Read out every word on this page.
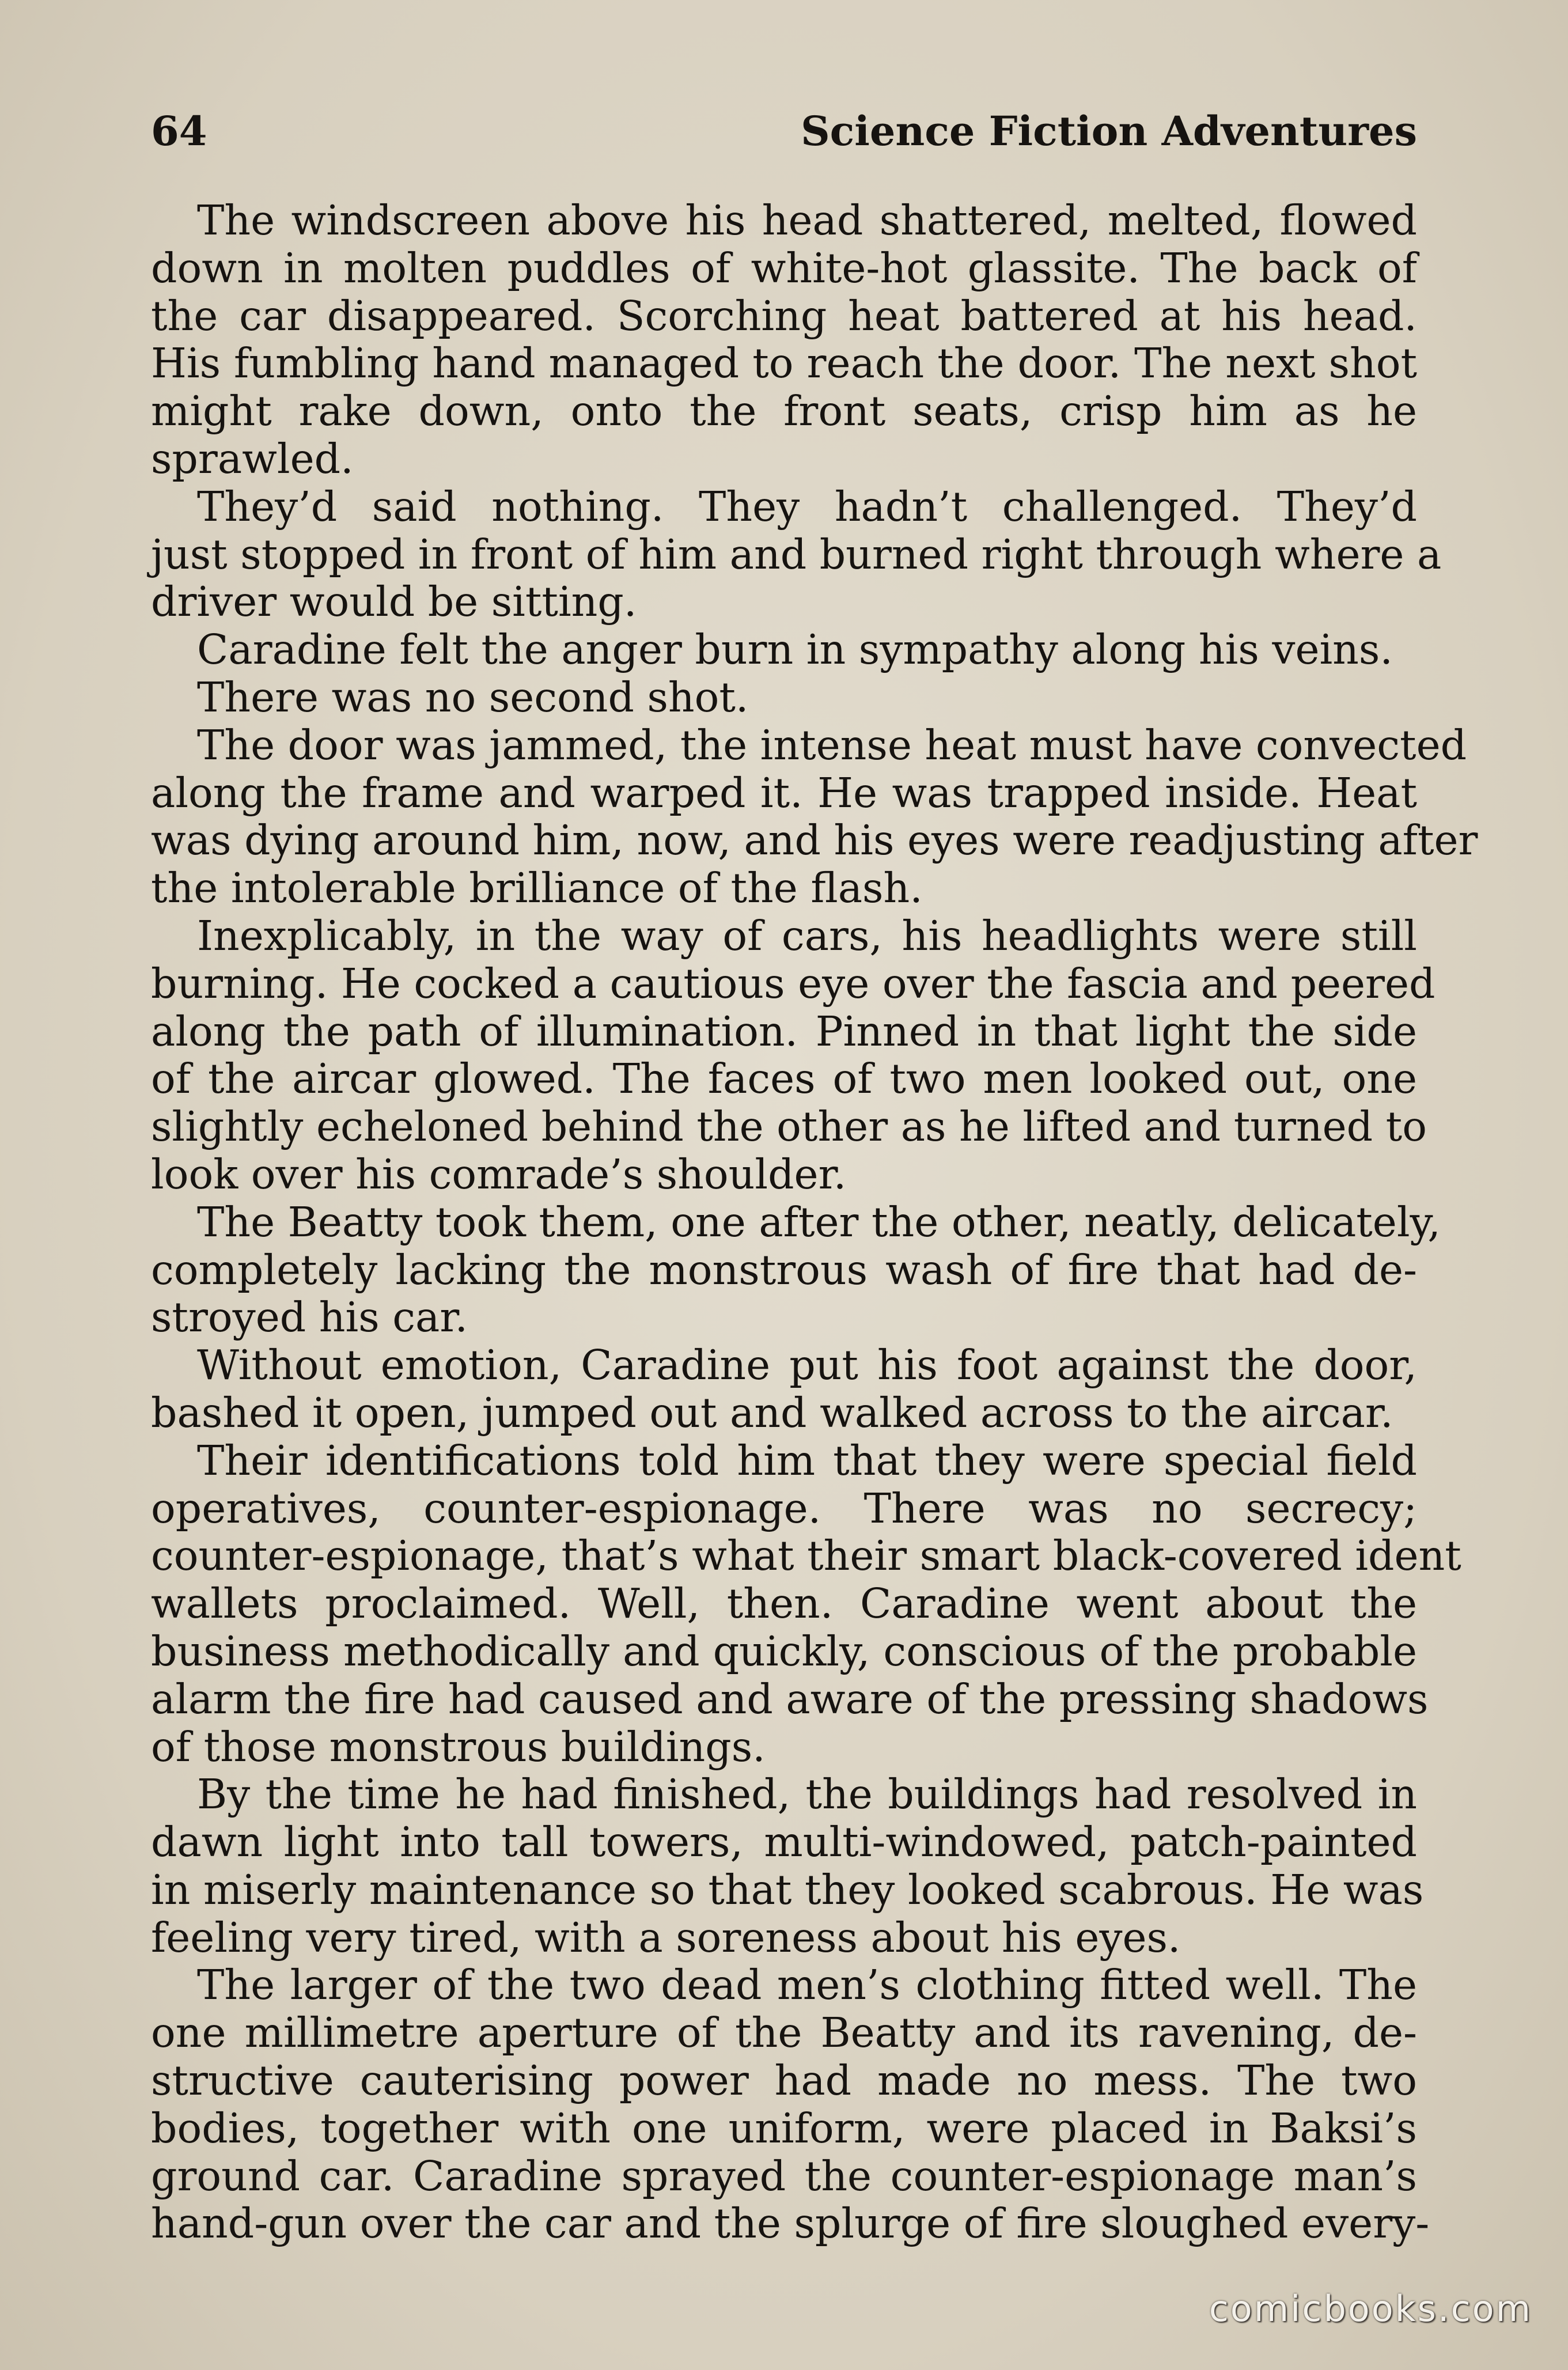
64	Science Fiction Adventures
The windscreen above his head shattered, melted, flowed
down in molten puddles of white-hot glassite. The back of
the car disappeared. Scorching heat battered at his head.
His fumbling hand managed to reach the door. The next shot
might rake down, onto the front seats, crisp him as he
sprawled.
They’d said nothing. They hadn’t challenged. They’d
just stopped in front of him and burned right through where a
driver would be sitting.
Caradine felt the anger burn in sympathy along his veins.
There was no second shot.
The door was jammed, the intense heat must have convected
along the frame and warped it. He was trapped inside. Heat
was dying around him, now, and his eyes were readjusting after
the intolerable brilliance of the flash.
Inexplicably, in the way of cars, his headlights were still
burning. He cocked a cautious eye over the fascia and peered
along the path of illumination. Pinned in that light the side
of the aircar glowed. The faces of two men looked out, one
slightly echeloned behind the other as he lifted and turned to
look over his comrade’s shoulder.
The Beatty took them, one after the other, neatly, delicately,
completely lacking the monstrous wash of fire that had de-
stroyed his car.
Without emotion, Caradine put his foot against the door,
bashed it open, jumped out and walked across to the aircar.
Their identifications told him that they were special field
operatives, counter-espionage. There was no secrecy;
counter-espionage, that’s what their smart black-covered ident
wallets proclaimed. Well, then. Caradine went about the
business methodically and quickly, conscious of the probable
alarm the fire had caused and aware of the pressing shadows
of those monstrous buildings.
By the time he had finished, the buildings had resolved in
dawn light into tall towers, multi-windowed, patch-painted
in miserly maintenance so that they looked scabrous. He was
feeling very tired, with a soreness about his eyes.
The larger of the two dead men’s clothing fitted well. The
one millimetre aperture of the Beatty and its ravening, de-
structive cauterising power had made no mess. The two
bodies, together with one uniform, were placed in Baksi’s
ground car. Caradine sprayed the counter-espionage man’s
hand-gun over the car and the splurge of fire sloughed every-
comicbooks.com
